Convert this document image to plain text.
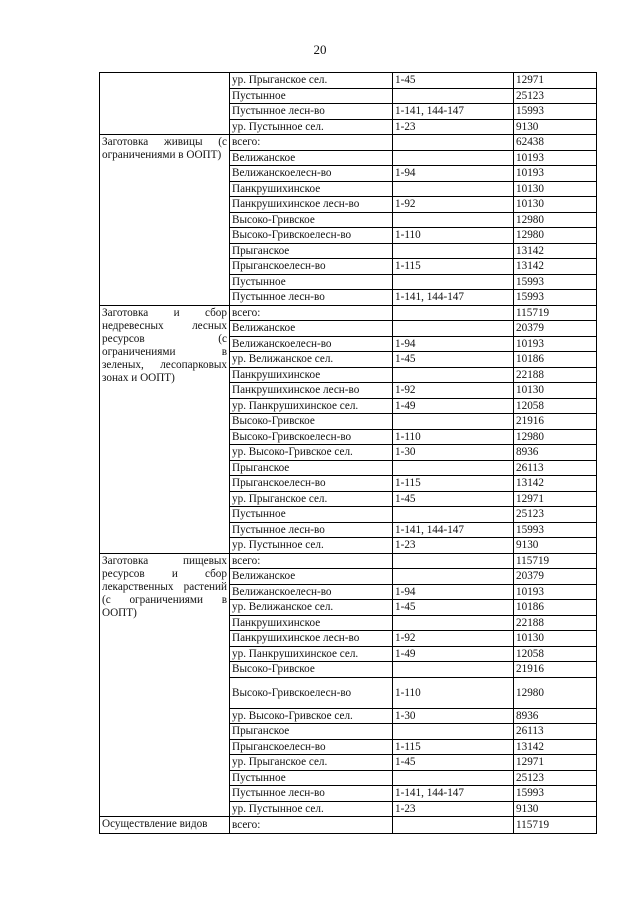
20
	ур. Прыганское сел.	1-45	12971
	Пустынное		25123
	Пустынное лесн-во	1-141, 144-147	15993
	ур. Пустынное сел.	1-23	9130
Заготовка живицы (с ограничениями в ООПТ)	всего:		62438
	Велижанское		10193
	Велижанскоелесн-во	1-94	10193
	Панкрушихинское		10130
	Панкрушихинское лесн-во	1-92	10130
	Высоко-Гривское		12980
	Высоко-Гривскоелесн-во	1-110	12980
	Прыганское		13142
	Прыганскоелесн-во	1-115	13142
	Пустынное		15993
	Пустынное лесн-во	1-141, 144-147	15993
Заготовка и сбор недревесных лесных ресурсов (с ограничениями в зеленых, лесопарковых зонах и ООПТ)	всего:		115719
	Велижанское		20379
	Велижанскоелесн-во	1-94	10193
	ур. Велижанское сел.	1-45	10186
	Панкрушихинское		22188
	Панкрушихинское лесн-во	1-92	10130
	ур. Панкрушихинское сел.	1-49	12058
	Высоко-Гривское		21916
	Высоко-Гривскоелесн-во	1-110	12980
	ур. Высоко-Гривское сел.	1-30	8936
	Прыганское		26113
	Прыганскоелесн-во	1-115	13142
	ур. Прыганское сел.	1-45	12971
	Пустынное		25123
	Пустынное лесн-во	1-141, 144-147	15993
	ур. Пустынное сел.	1-23	9130
Заготовка пищевых ресурсов и сбор лекарственных растений (с ограничениями в ООПТ)	всего:		115719
	Велижанское		20379
	Велижанскоелесн-во	1-94	10193
	ур. Велижанское сел.	1-45	10186
	Панкрушихинское		22188
	Панкрушихинское лесн-во	1-92	10130
	ур. Панкрушихинское сел.	1-49	12058
	Высоко-Гривское		21916
	Высоко-Гривскоелесн-во	1-110	12980
	ур. Высоко-Гривское сел.	1-30	8936
	Прыганское		26113
	Прыганскоелесн-во	1-115	13142
	ур. Прыганское сел.	1-45	12971
	Пустынное		25123
	Пустынное лесн-во	1-141, 144-147	15993
	ур. Пустынное сел.	1-23	9130
Осуществление видов	всего:		115719
